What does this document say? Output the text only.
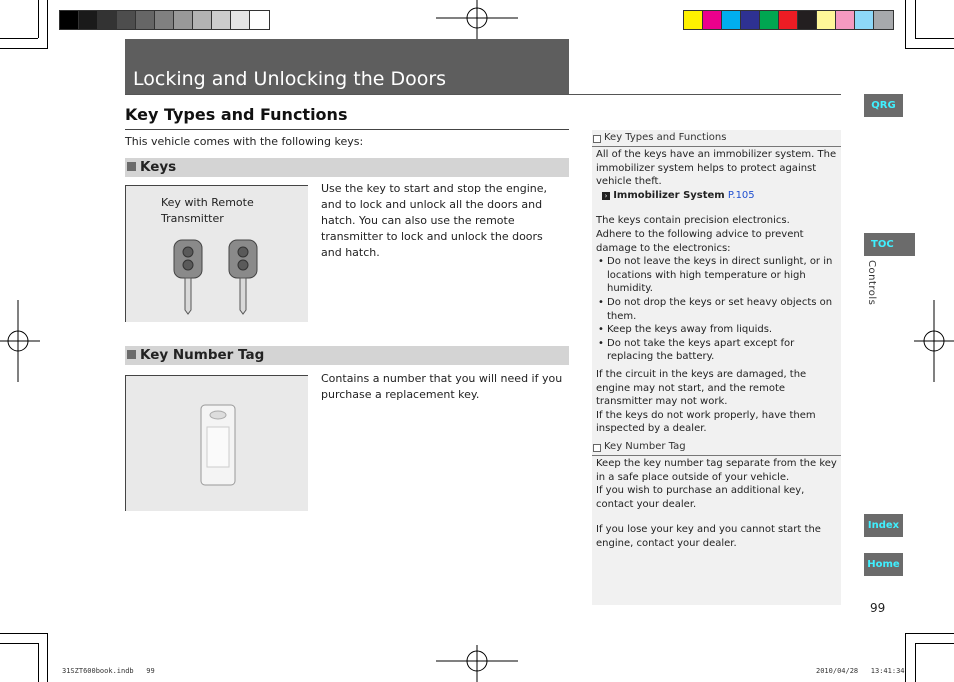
Locking and Unlocking the Doors
QRG
TOC
Controls
Index
Home
99
Key Types and Functions
This vehicle comes with the following keys:
Keys
Key with Remote
Transmitter
Use the key to start and stop the engine, and to lock and unlock all the doors and hatch. You can also use the remote transmitter to lock and unlock the doors and hatch.
Key Number Tag
Contains a number that you will need if you purchase a replacement key.
Key Types and Functions
All of the keys have an immobilizer system. The immobilizer system helps to protect against vehicle theft.
› Immobilizer System P.105
The keys contain precision electronics.
Adhere to the following advice to prevent damage to the electronics:
• Do not leave the keys in direct sunlight, or in locations with high temperature or high humidity.
• Do not drop the keys or set heavy objects on them.
• Keep the keys away from liquids.
• Do not take the keys apart except for replacing the battery.
If the circuit in the keys are damaged, the engine may not start, and the remote transmitter may not work.
If the keys do not work properly, have them inspected by a dealer.
Key Number Tag
Keep the key number tag separate from the key in a safe place outside of your vehicle.
If you wish to purchase an additional key, contact your dealer.
If you lose your key and you cannot start the engine, contact your dealer.
31SZT600book.indb   99	2010/04/28   13:41:34
